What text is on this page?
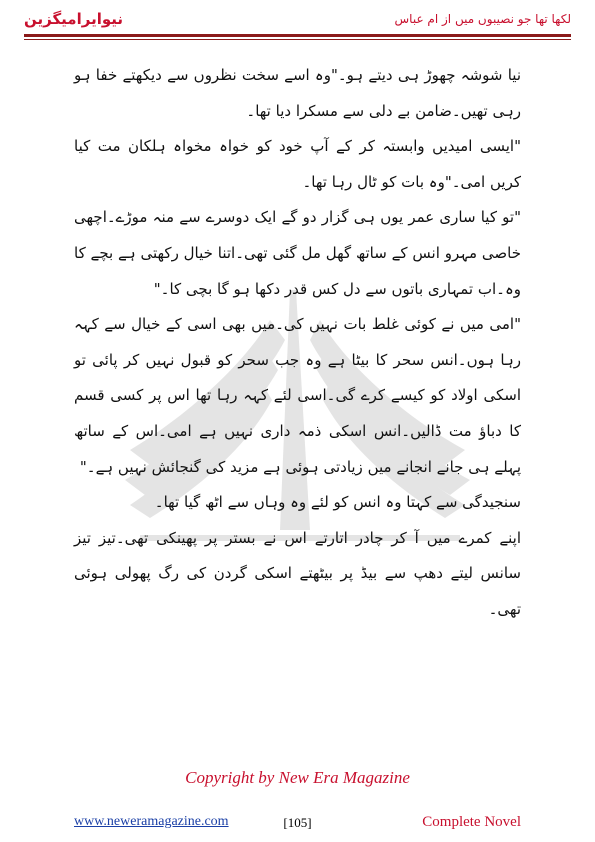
نیوایرامیگزین	لکھا تھا جو نصیبوں میں از ام عباس

نیا شوشہ چھوڑ ہی دیتے ہو۔"وہ اسے سخت نظروں سے دیکھتے خفا ہو رہی تھیں۔ضامن بے دلی سے مسکرا دیا تھا۔

"ایسی امیدیں وابستہ کر کے آپ خود کو خواہ مخواہ ہلکان مت کیا کریں امی۔"وہ بات کو ٹال رہا تھا۔

"تو کیا ساری عمر یوں ہی گزار دو گے ایک دوسرے سے منہ موڑے۔اچھی خاصی مہرو انس کے ساتھ گھل مل گئی تھی۔اتنا خیال رکھتی ہے بچے کا وہ۔اب تمہاری باتوں سے دل کس قدر دکھا ہو گا بچی کا۔"

"امی میں نے کوئی غلط بات نہیں کی۔میں بھی اسی کے خیال سے کہہ رہا ہوں۔انس سحر کا بیٹا ہے وہ جب سحر کو قبول نہیں کر پائی تو اسکی اولاد کو کیسے کرے گی۔اسی لئے کہہ رہا تھا اس پر کسی قسم کا دباؤ مت ڈالیں۔انس اسکی ذمہ داری نہیں ہے امی۔اس کے ساتھ پہلے ہی جانے انجانے میں زیادتی ہوئی ہے مزید کی گنجائش نہیں ہے۔"

سنجیدگی سے کہتا وہ انس کو لئے وہ وہاں سے اٹھ گیا تھا۔

اپنے کمرے میں آ کر چادر اتارتے اس نے بستر پر پھینکی تھی۔تیز تیز سانس لیتے دھپ سے بیڈ پر بیٹھتے اسکی گردن کی رگ پھولی ہوئی تھی۔

Copyright by New Era Magazine
www.neweramagazine.com	[105]	Complete Novel
